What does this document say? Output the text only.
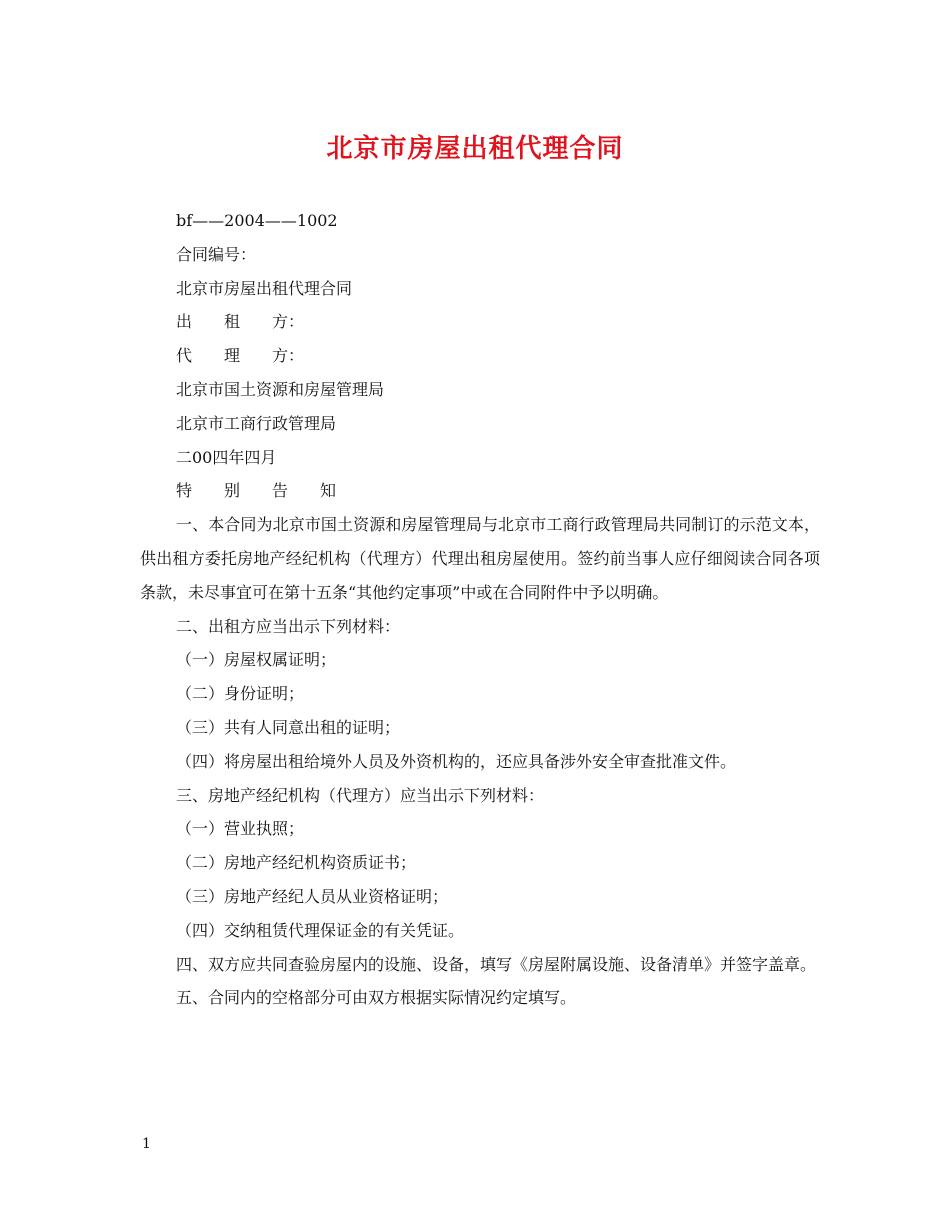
北京市房屋出租代理合同

bf——2004——1002

合同编号：

北京市房屋出租代理合同

出　　租　　方：

代　　理　　方：

北京市国土资源和房屋管理局

北京市工商行政管理局

二00四年四月

特　　别　　告　　知

一、本合同为北京市国土资源和房屋管理局与北京市工商行政管理局共同制订的示范文本，供出租方委托房地产经纪机构（代理方）代理出租房屋使用。签约前当事人应仔细阅读合同各项条款，未尽事宜可在第十五条“其他约定事项”中或在合同附件中予以明确。

二、出租方应当出示下列材料：

（一）房屋权属证明；

（二）身份证明；

（三）共有人同意出租的证明；

（四）将房屋出租给境外人员及外资机构的，还应具备涉外安全审查批准文件。

三、房地产经纪机构（代理方）应当出示下列材料：

（一）营业执照；

（二）房地产经纪机构资质证书；

（三）房地产经纪人员从业资格证明；

（四）交纳租赁代理保证金的有关凭证。

四、双方应共同查验房屋内的设施、设备，填写《房屋附属设施、设备清单》并签字盖章。

五、合同内的空格部分可由双方根据实际情况约定填写。

1
